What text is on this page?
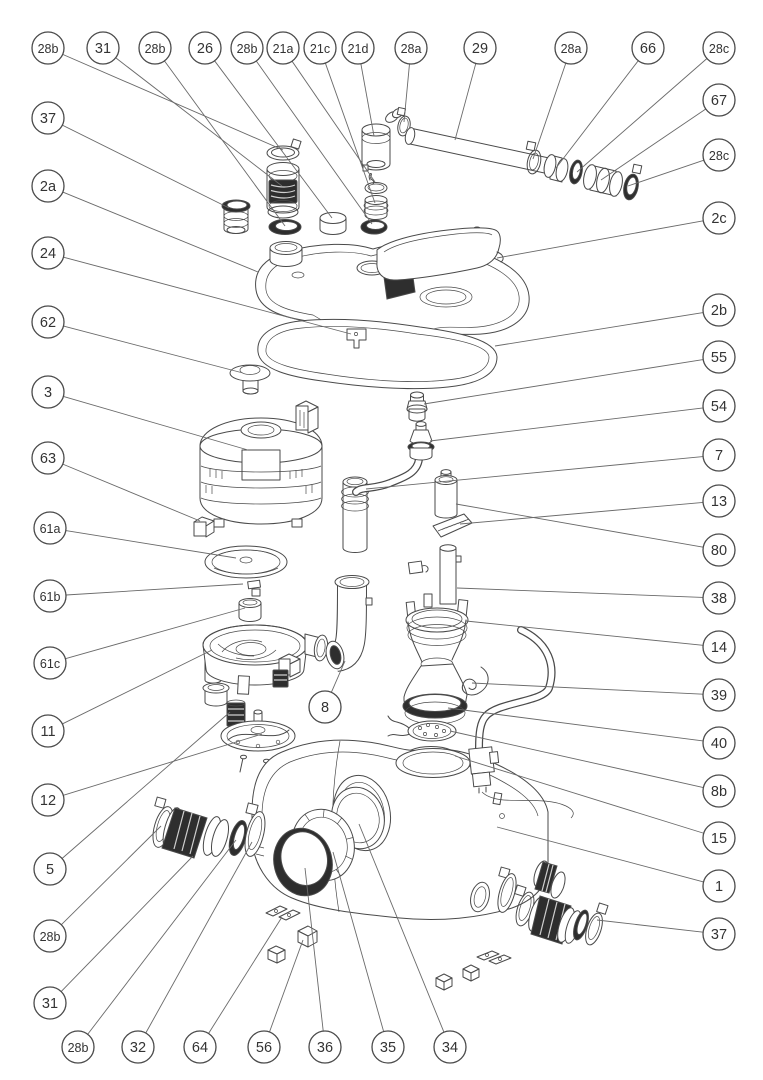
28b	31	28b 26 28b 21a 21c 21d	28a	29	28a	66	28c
67
28c
2c
2b
55
54
7
13
80
38
14
39
40
8b
15
1
37
37
2a
24
62
3
63
61a
61b
61c
11
12
5
28b
31
28b	32	64	56	36	35	34
8
